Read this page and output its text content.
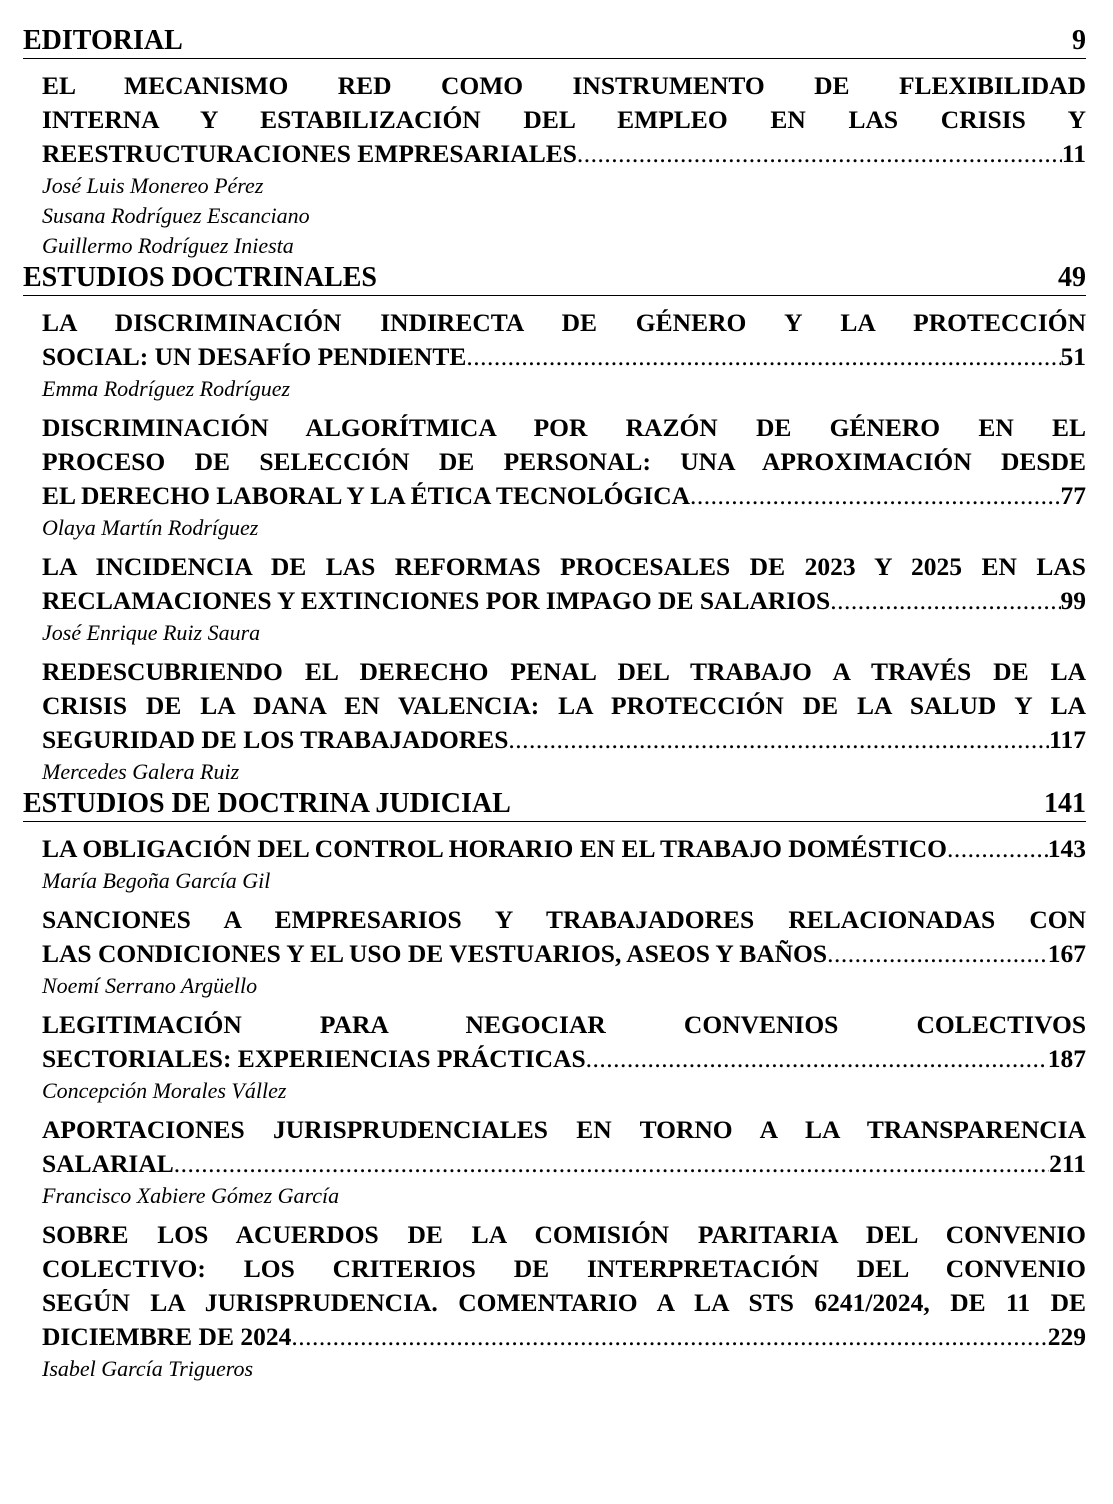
EDITORIAL	9
EL MECANISMO RED COMO INSTRUMENTO DE FLEXIBILIDAD
INTERNA Y ESTABILIZACIÓN DEL EMPLEO EN LAS CRISIS Y
REESTRUCTURACIONES EMPRESARIALES .....	11
José Luis Monereo Pérez
Susana Rodríguez Escanciano
Guillermo Rodríguez Iniesta
ESTUDIOS DOCTRINALES	49
LA DISCRIMINACIÓN INDIRECTA DE GÉNERO Y LA PROTECCIÓN
SOCIAL: UN DESAFÍO PENDIENTE .....	51
Emma Rodríguez Rodríguez
DISCRIMINACIÓN ALGORÍTMICA POR RAZÓN DE GÉNERO EN EL
PROCESO DE SELECCIÓN DE PERSONAL: UNA APROXIMACIÓN DESDE
EL DERECHO LABORAL Y LA ÉTICA TECNOLÓGICA .....	77
Olaya Martín Rodríguez
LA INCIDENCIA DE LAS REFORMAS PROCESALES DE 2023 Y 2025 EN LAS
RECLAMACIONES Y EXTINCIONES POR IMPAGO DE SALARIOS .....	99
José Enrique Ruiz Saura
REDESCUBRIENDO EL DERECHO PENAL DEL TRABAJO A TRAVÉS DE LA
CRISIS DE LA DANA EN VALENCIA: LA PROTECCIÓN DE LA SALUD Y LA
SEGURIDAD DE LOS TRABAJADORES .....	117
Mercedes Galera Ruiz
ESTUDIOS DE DOCTRINA JUDICIAL	141
LA OBLIGACIÓN DEL CONTROL HORARIO EN EL TRABAJO DOMÉSTICO .....	143
María Begoña García Gil
SANCIONES A EMPRESARIOS Y TRABAJADORES RELACIONADAS CON
LAS CONDICIONES Y EL USO DE VESTUARIOS, ASEOS Y BAÑOS .....	167
Noemí Serrano Argüello
LEGITIMACIÓN PARA NEGOCIAR CONVENIOS COLECTIVOS
SECTORIALES: EXPERIENCIAS PRÁCTICAS .....	187
Concepción Morales Vállez
APORTACIONES JURISPRUDENCIALES EN TORNO A LA TRANSPARENCIA
SALARIAL .....	211
Francisco Xabiere Gómez García
SOBRE LOS ACUERDOS DE LA COMISIÓN PARITARIA DEL CONVENIO
COLECTIVO: LOS CRITERIOS DE INTERPRETACIÓN DEL CONVENIO
SEGÚN LA JURISPRUDENCIA. COMENTARIO A LA STS 6241/2024, DE 11 DE
DICIEMBRE DE 2024 .....	229
Isabel García Trigueros
